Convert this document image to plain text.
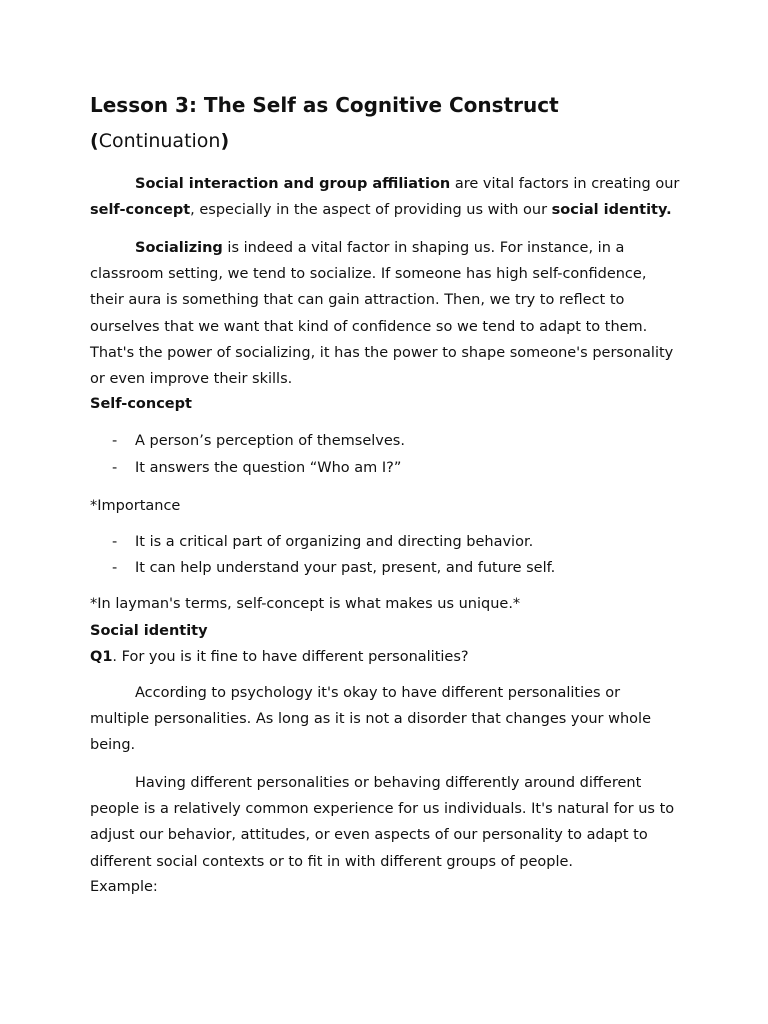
Lesson 3: The Self as Cognitive Construct
(Continuation)
Social interaction and group affiliation are vital factors in creating our
self-concept, especially in the aspect of providing us with our social identity.
Socializing is indeed a vital factor in shaping us. For instance, in a
classroom setting, we tend to socialize. If someone has high self-confidence,
their aura is something that can gain attraction. Then, we try to reflect to
ourselves that we want that kind of confidence so we tend to adapt to them.
That's the power of socializing, it has the power to shape someone's personality
or even improve their skills.
Self-concept
- A person’s perception of themselves.
- It answers the question “Who am I?”
*Importance
- It is a critical part of organizing and directing behavior.
- It can help understand your past, present, and future self.
*In layman's terms, self-concept is what makes us unique.*
Social identity
Q1. For you is it fine to have different personalities?
According to psychology it's okay to have different personalities or
multiple personalities. As long as it is not a disorder that changes your whole
being.
Having different personalities or behaving differently around different
people is a relatively common experience for us individuals. It's natural for us to
adjust our behavior, attitudes, or even aspects of our personality to adapt to
different social contexts or to fit in with different groups of people.
Example:
